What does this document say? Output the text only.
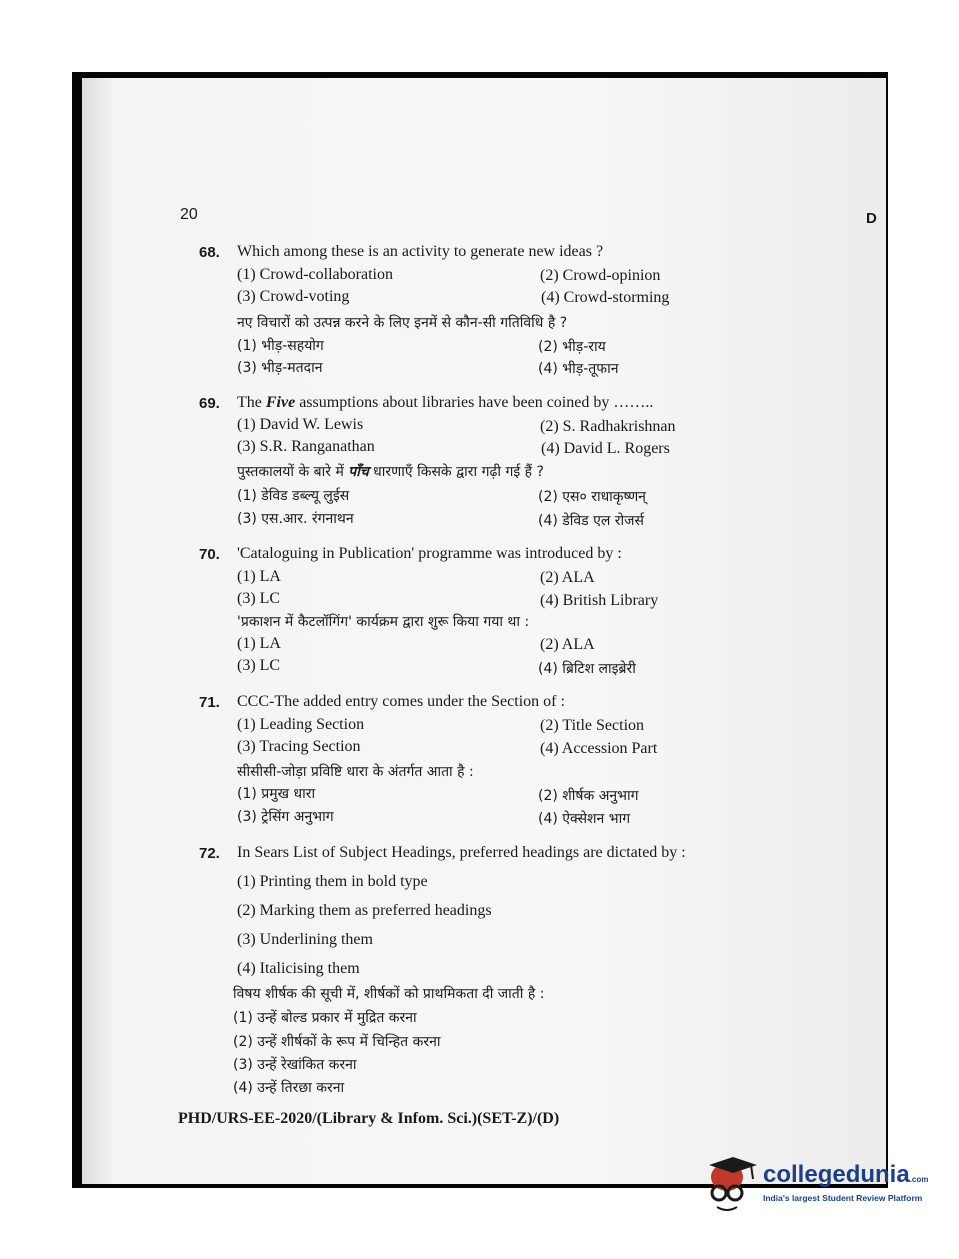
20	D
68. Which among these is an activity to generate new ideas ?
(1) Crowd-collaboration	(2) Crowd-opinion
(3) Crowd-voting	(4) Crowd-storming
नए विचारों को उत्पन्न करने के लिए इनमें से कौन-सी गतिविधि है ?
(1) भीड़-सहयोग	(2) भीड़-राय
(3) भीड़-मतदान	(4) भीड़-तूफान
69. The Five assumptions about libraries have been coined by ……..
(1) David W. Lewis	(2) S. Radhakrishnan
(3) S.R. Ranganathan	(4) David L. Rogers
पुस्तकालयों के बारे में पाँच धारणाएँ किसके द्वारा गढ़ी गई हैं ?
(1) डेविड डब्ल्यू लुईस	(2) एस० राधाकृष्णन्
(3) एस.आर. रंगनाथन	(4) डेविड एल रोजर्स
70. 'Cataloguing in Publication' programme was introduced by :
(1) LA	(2) ALA
(3) LC	(4) British Library
'प्रकाशन में कैटलॉगिंग' कार्यक्रम द्वारा शुरू किया गया था :
(1) LA	(2) ALA
(3) LC	(4) ब्रिटिश लाइब्रेरी
71. CCC-The added entry comes under the Section of :
(1) Leading Section	(2) Title Section
(3) Tracing Section	(4) Accession Part
सीसीसी-जोड़ा प्रविष्टि धारा के अंतर्गत आता है :
(1) प्रमुख धारा	(2) शीर्षक अनुभाग
(3) ट्रेसिंग अनुभाग	(4) ऐक्सेशन भाग
72. In Sears List of Subject Headings, preferred headings are dictated by :
(1) Printing them in bold type
(2) Marking them as preferred headings
(3) Underlining them
(4) Italicising them
विषय शीर्षक की सूची में, शीर्षकों को प्राथमिकता दी जाती है :
(1) उन्हें बोल्ड प्रकार में मुद्रित करना
(2) उन्हें शीर्षकों के रूप में चिन्हित करना
(3) उन्हें रेखांकित करना
(4) उन्हें तिरछा करना
PHD/URS-EE-2020/(Library & Infom. Sci.)(SET-Z)/(D)
collegedunia.com
India's largest Student Review Platform
